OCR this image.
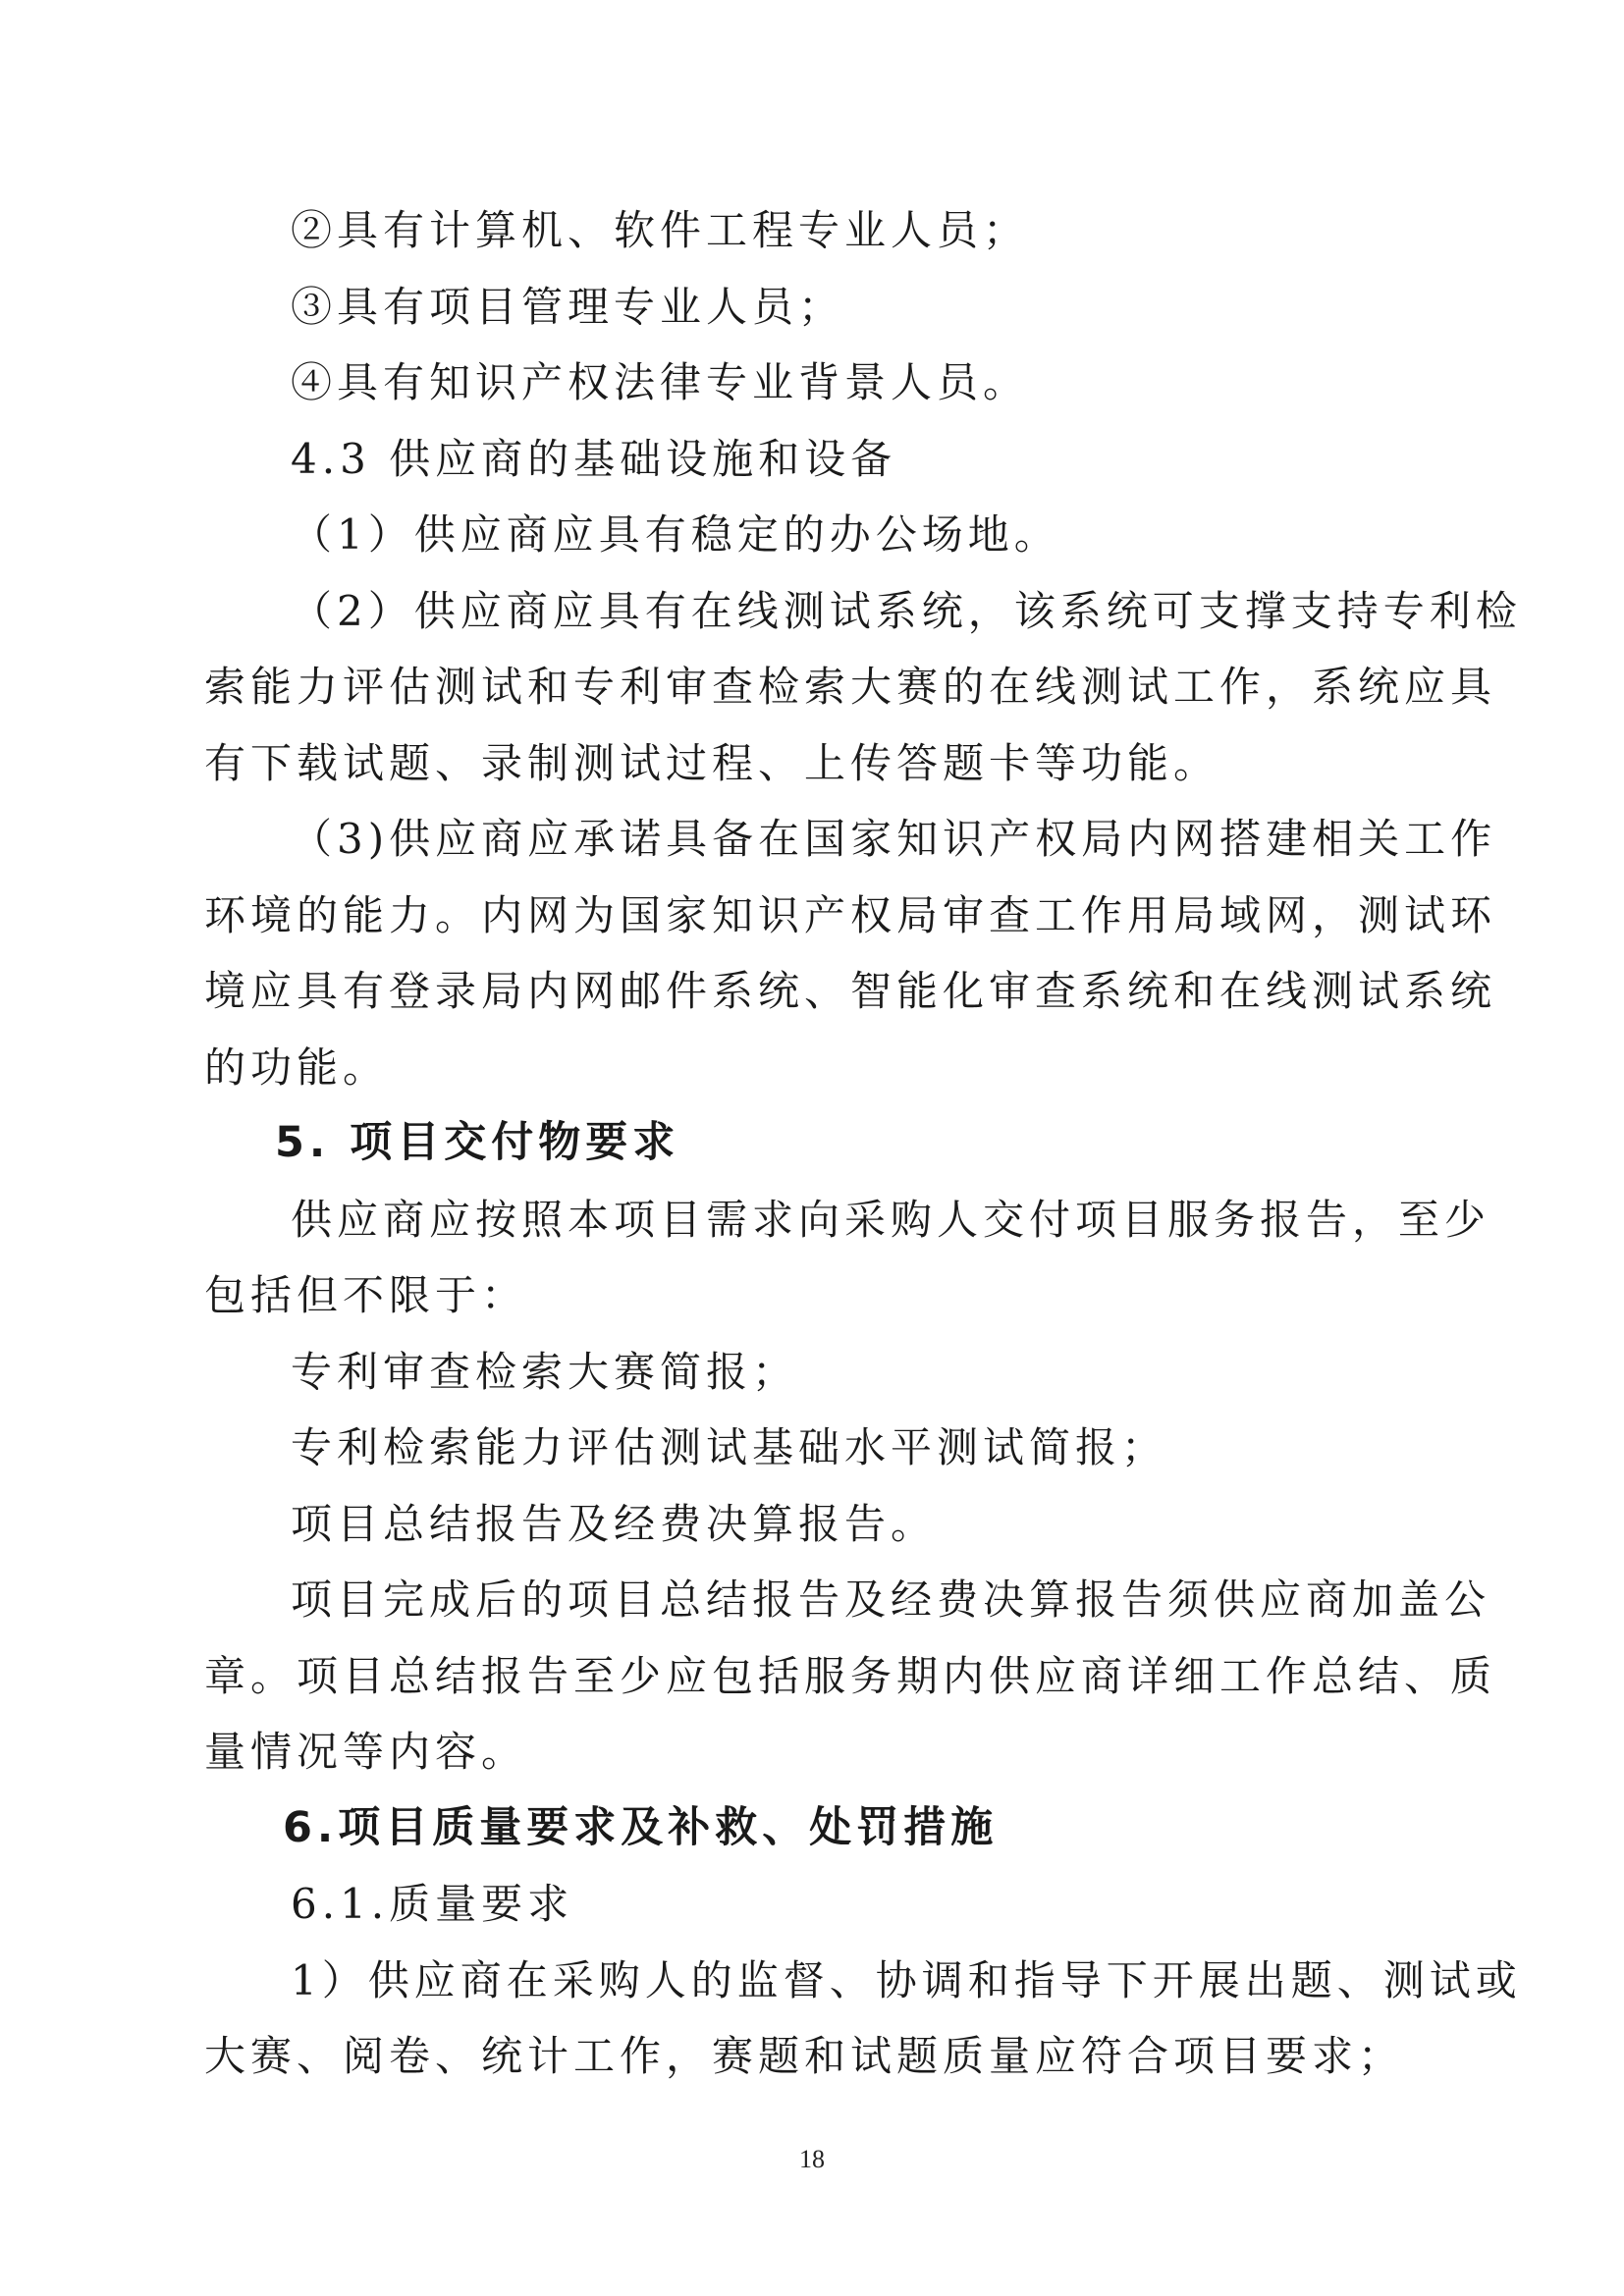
②具有计算机、软件工程专业人员；

③具有项目管理专业人员；

④具有知识产权法律专业背景人员。

4.3 供应商的基础设施和设备

（1）供应商应具有稳定的办公场地。

（2）供应商应具有在线测试系统，该系统可支撑支持专利检

索能力评估测试和专利审查检索大赛的在线测试工作，系统应具

有下载试题、录制测试过程、上传答题卡等功能。

（3)供应商应承诺具备在国家知识产权局内网搭建相关工作

环境的能力。内网为国家知识产权局审查工作用局域网，测试环

境应具有登录局内网邮件系统、智能化审查系统和在线测试系统

的功能。

5. 项目交付物要求

供应商应按照本项目需求向采购人交付项目服务报告，至少

包括但不限于：

专利审查检索大赛简报；

专利检索能力评估测试基础水平测试简报；

项目总结报告及经费决算报告。

项目完成后的项目总结报告及经费决算报告须供应商加盖公

章。项目总结报告至少应包括服务期内供应商详细工作总结、质

量情况等内容。

6.项目质量要求及补救、处罚措施

6.1.质量要求

1）供应商在采购人的监督、协调和指导下开展出题、测试或

大赛、阅卷、统计工作，赛题和试题质量应符合项目要求；

18
